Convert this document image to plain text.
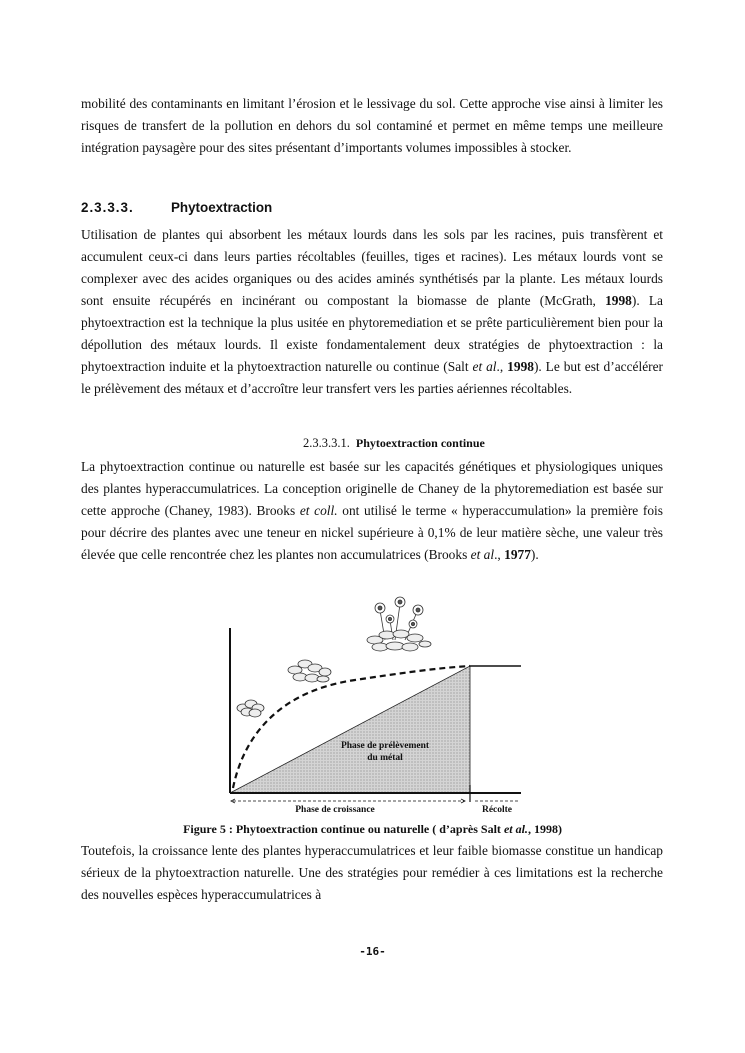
mobilité des contaminants en limitant l’érosion et le lessivage du sol. Cette approche vise ainsi à limiter les risques de transfert de la pollution en dehors du sol contaminé et permet en même temps une meilleure intégration paysagère pour des sites présentant d’importants volumes impossibles à stocker.

2.3.3.3.	Phytoextraction

Utilisation de plantes qui absorbent les métaux lourds dans les sols par les racines, puis transfèrent et accumulent ceux-ci dans leurs parties récoltables (feuilles, tiges et racines). Les métaux lourds vont se complexer avec des acides organiques ou des acides aminés synthétisés par la plante. Les métaux lourds sont ensuite récupérés en incinérant ou compostant la biomasse de plante (McGrath, 1998). La phytoextraction est la technique la plus usitée en phytoremediation et se prête particulièrement bien pour la dépollution des métaux lourds. Il existe fondamentalement deux stratégies de phytoextraction : la phytoextraction induite et la phytoextraction naturelle ou continue (Salt et al., 1998). Le but est d’accélérer le prélèvement des métaux et d’accroître leur transfert vers les parties aériennes récoltables.

2.3.3.3.1. Phytoextraction continue

La phytoextraction continue ou naturelle est basée sur les capacités génétiques et physiologiques uniques des plantes hyperaccumulatrices. La conception originelle de Chaney de la phytoremediation est basée sur cette approche (Chaney, 1983). Brooks et coll. ont utilisé le terme « hyperaccumulation» la première fois pour décrire des plantes avec une teneur en nickel supérieure à 0,1% de leur matière sèche, une valeur très élevée que celle rencontrée chez les plantes non accumulatrices (Brooks et al., 1977).

Phase de prélèvement
du métal
Phase de croissance	Récolte
Figure 5 : Phytoextraction continue ou naturelle ( d’après Salt et al., 1998)

Toutefois, la croissance lente des plantes hyperaccumulatrices et leur faible biomasse constitue un handicap sérieux de la phytoextraction naturelle. Une des stratégies pour remédier à ces limitations est la recherche des nouvelles espèces hyperaccumulatrices à

-16-
